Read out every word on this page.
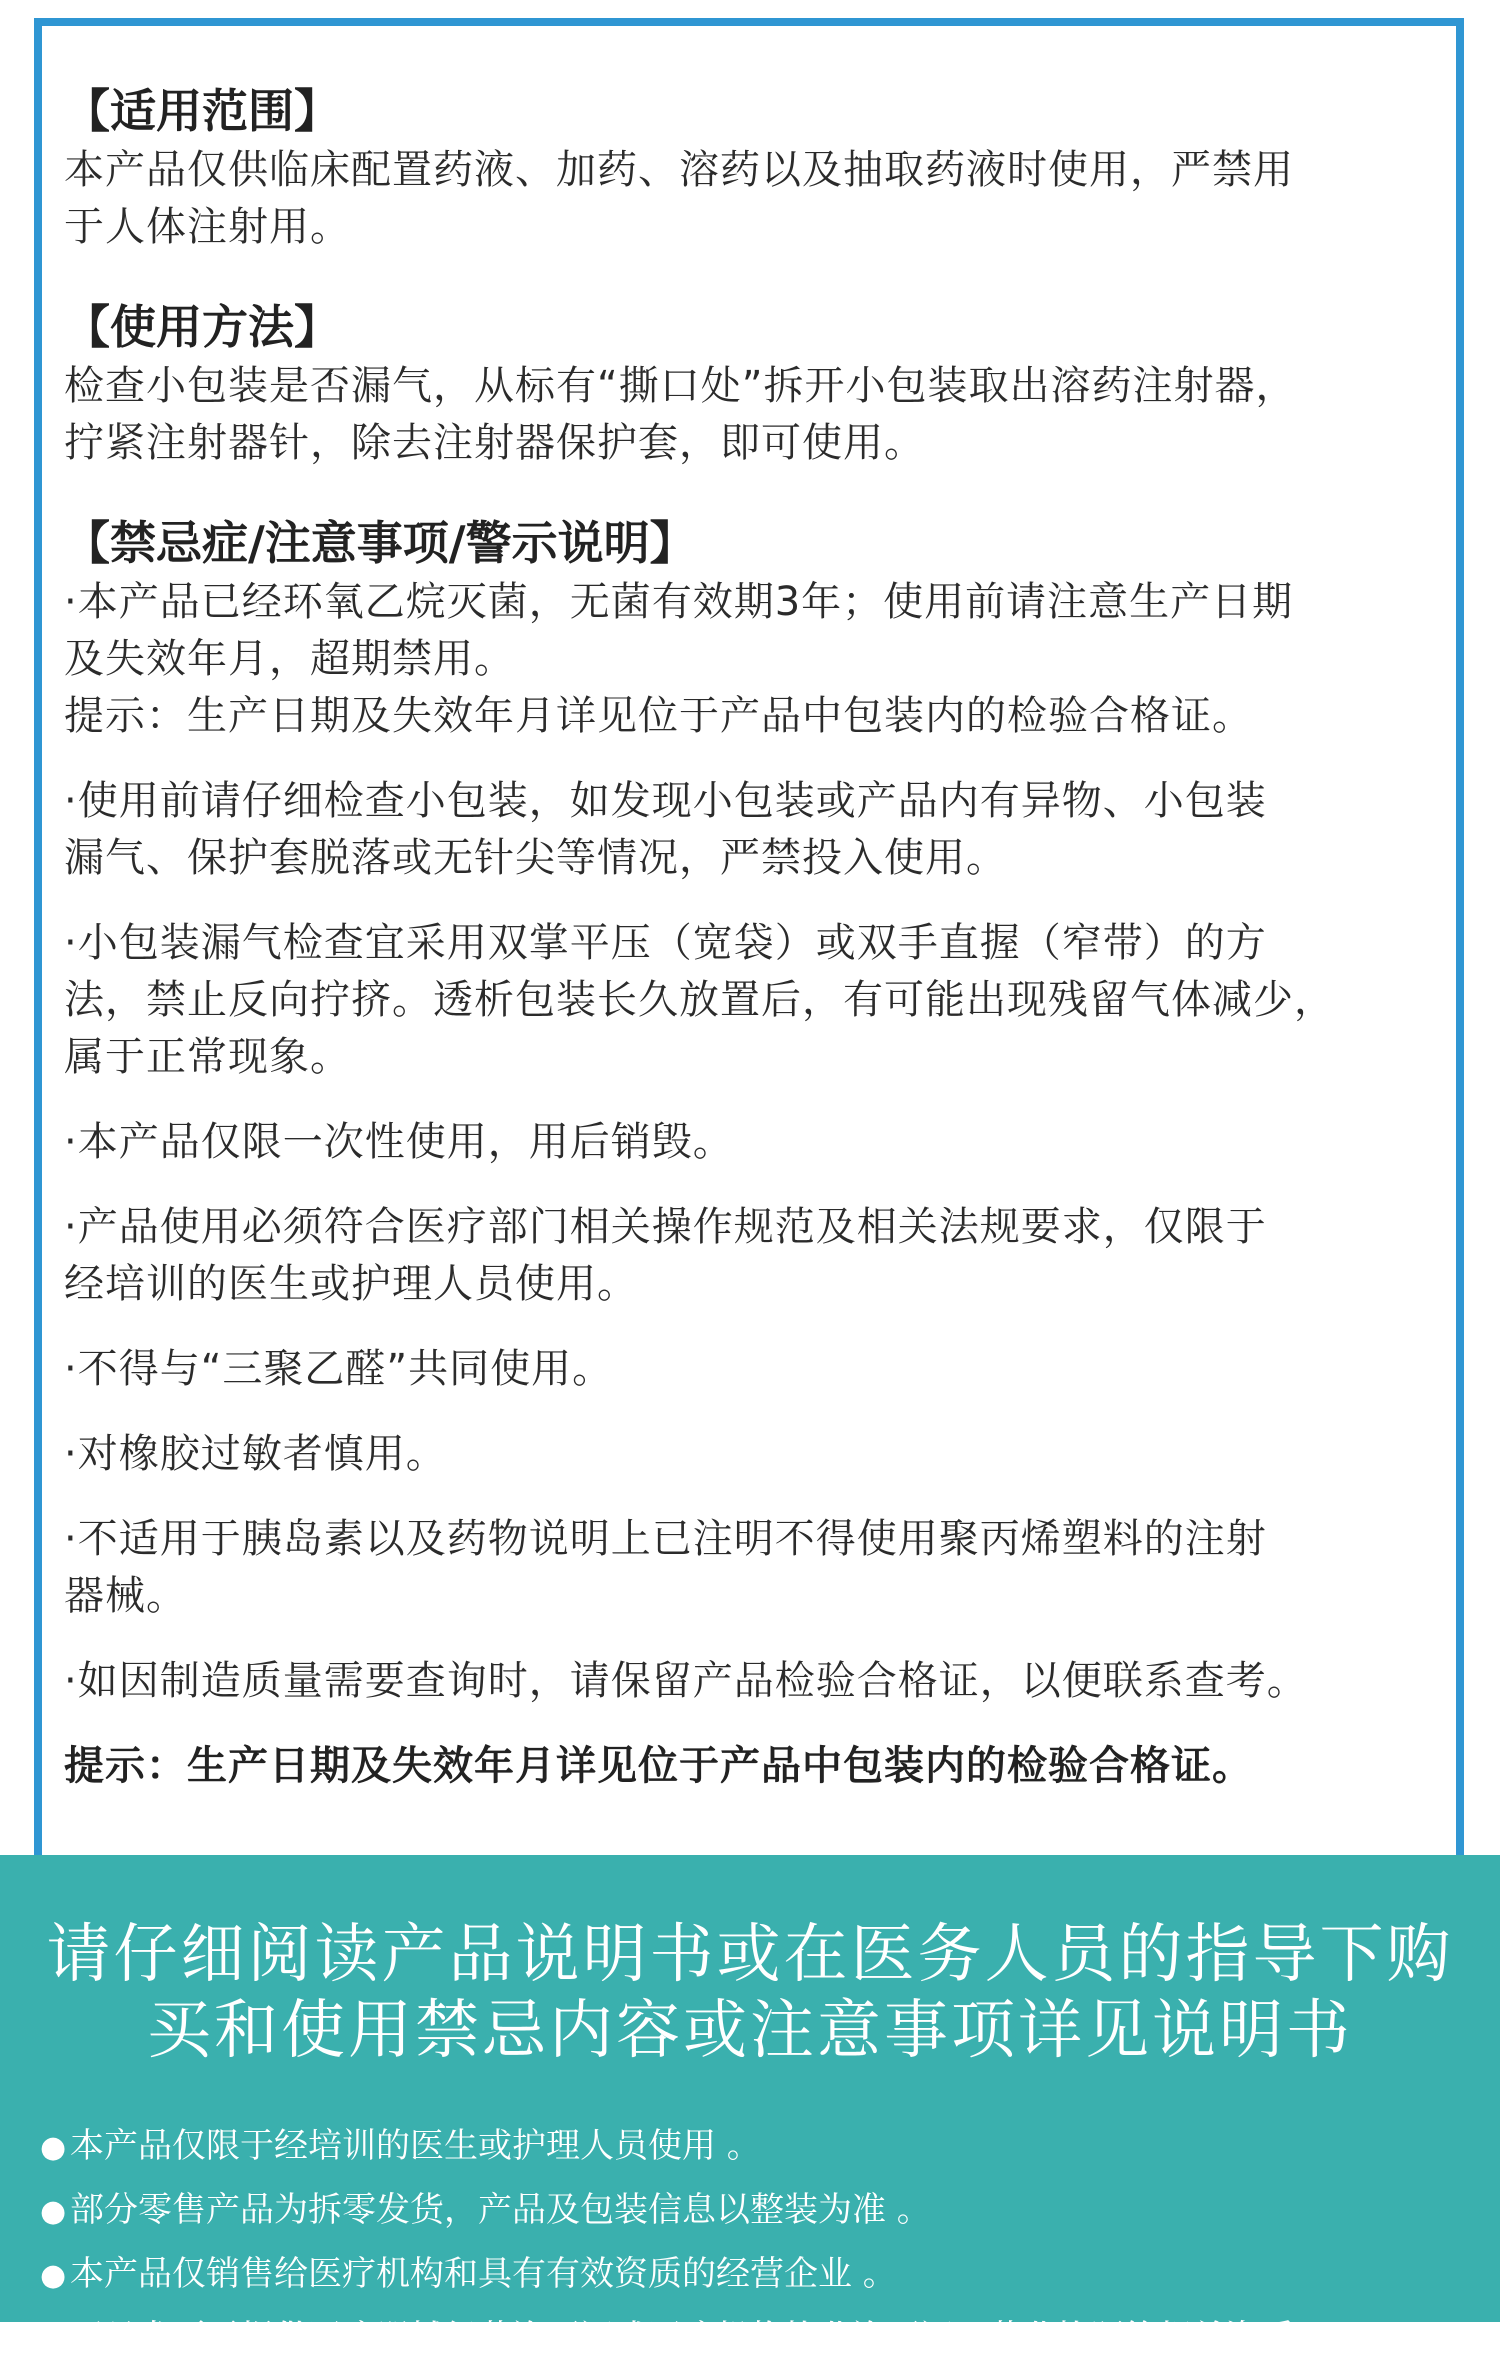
【适用范围】

本产品仅供临床配置药液、加药、溶药以及抽取药液时使用，严禁用

于人体注射用。

【使用方法】

检查小包装是否漏气，从标有“撕口处”拆开小包装取出溶药注射器，

拧紧注射器针，除去注射器保护套，即可使用。

【禁忌症/注意事项/警示说明】

·本产品已经环氧乙烷灭菌，无菌有效期3年；使用前请注意生产日期

及失效年月，超期禁用。

提示：生产日期及失效年月详见位于产品中包装内的检验合格证。

·使用前请仔细检查小包装，如发现小包装或产品内有异物、小包装

漏气、保护套脱落或无针尖等情况，严禁投入使用。

·小包装漏气检查宜采用双掌平压（宽袋）或双手直握（窄带）的方

法，禁止反向拧挤。透析包装长久放置后，有可能出现残留气体减少，

属于正常现象。

·本产品仅限一次性使用，用后销毁。

·产品使用必须符合医疗部门相关操作规范及相关法规要求，仅限于

经培训的医生或护理人员使用。

·不得与“三聚乙醛”共同使用。

·对橡胶过敏者慎用。

·不适用于胰岛素以及药物说明上已注明不得使用聚丙烯塑料的注射

器械。

·如因制造质量需要查询时，请保留产品检验合格证，以便联系查考。

提示：生产日期及失效年月详见位于产品中包装内的检验合格证。

请仔细阅读产品说明书或在医务人员的指导下购
买和使用禁忌内容或注意事项详见说明书
● 本产品仅限于经培训的医生或护理人员使用 。
● 部分零售产品为拆零发货，产品及包装信息以整装为准 。
● 本产品仅销售给医疗机构和具有有效资质的经营企业 。
● 开具发票需提供医疗器械经营许可证或医疗机构执业许可证，营业执照等相关资质
